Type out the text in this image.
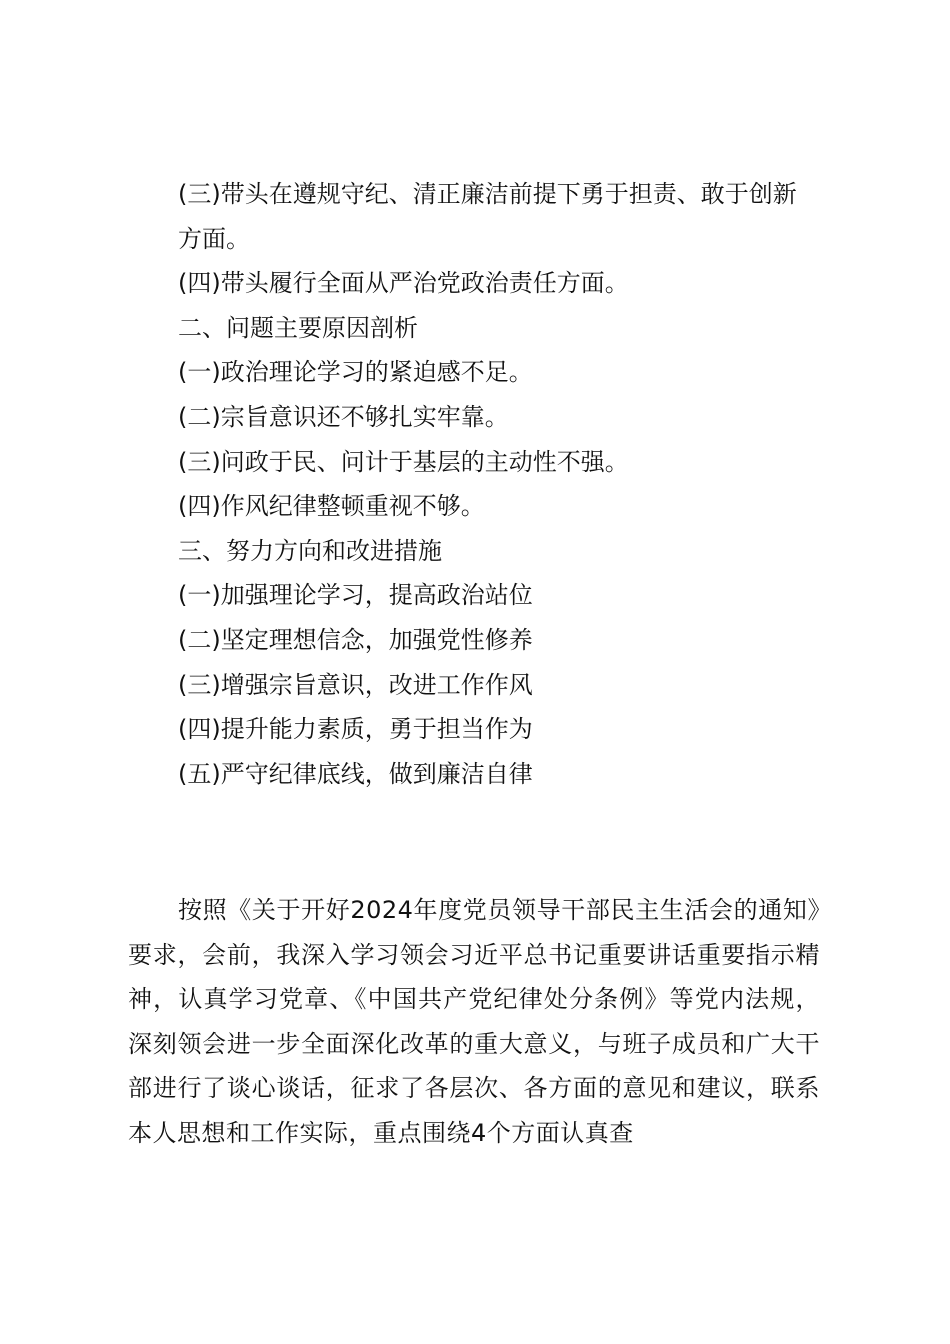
(三)带头在遵规守纪、清正廉洁前提下勇于担责、敢于创新
方面。
(四)带头履行全面从严治党政治责任方面。
二、问题主要原因剖析
(一)政治理论学习的紧迫感不足。
(二)宗旨意识还不够扎实牢靠。
(三)问政于民、问计于基层的主动性不强。
(四)作风纪律整顿重视不够。
三、努力方向和改进措施
(一)加强理论学习，提高政治站位
(二)坚定理想信念，加强党性修养
(三)增强宗旨意识，改进工作作风
(四)提升能力素质，勇于担当作为
(五)严守纪律底线，做到廉洁自律

按照《关于开好2024年度党员领导干部民主生活会的通知》要求，会前，我深入学习领会习近平总书记重要讲话重要指示精神，认真学习党章、《中国共产党纪律处分条例》等党内法规，深刻领会进一步全面深化改革的重大意义，与班子成员和广大干部进行了谈心谈话，征求了各层次、各方面的意见和建议，联系本人思想和工作实际，重点围绕4个方面认真查
